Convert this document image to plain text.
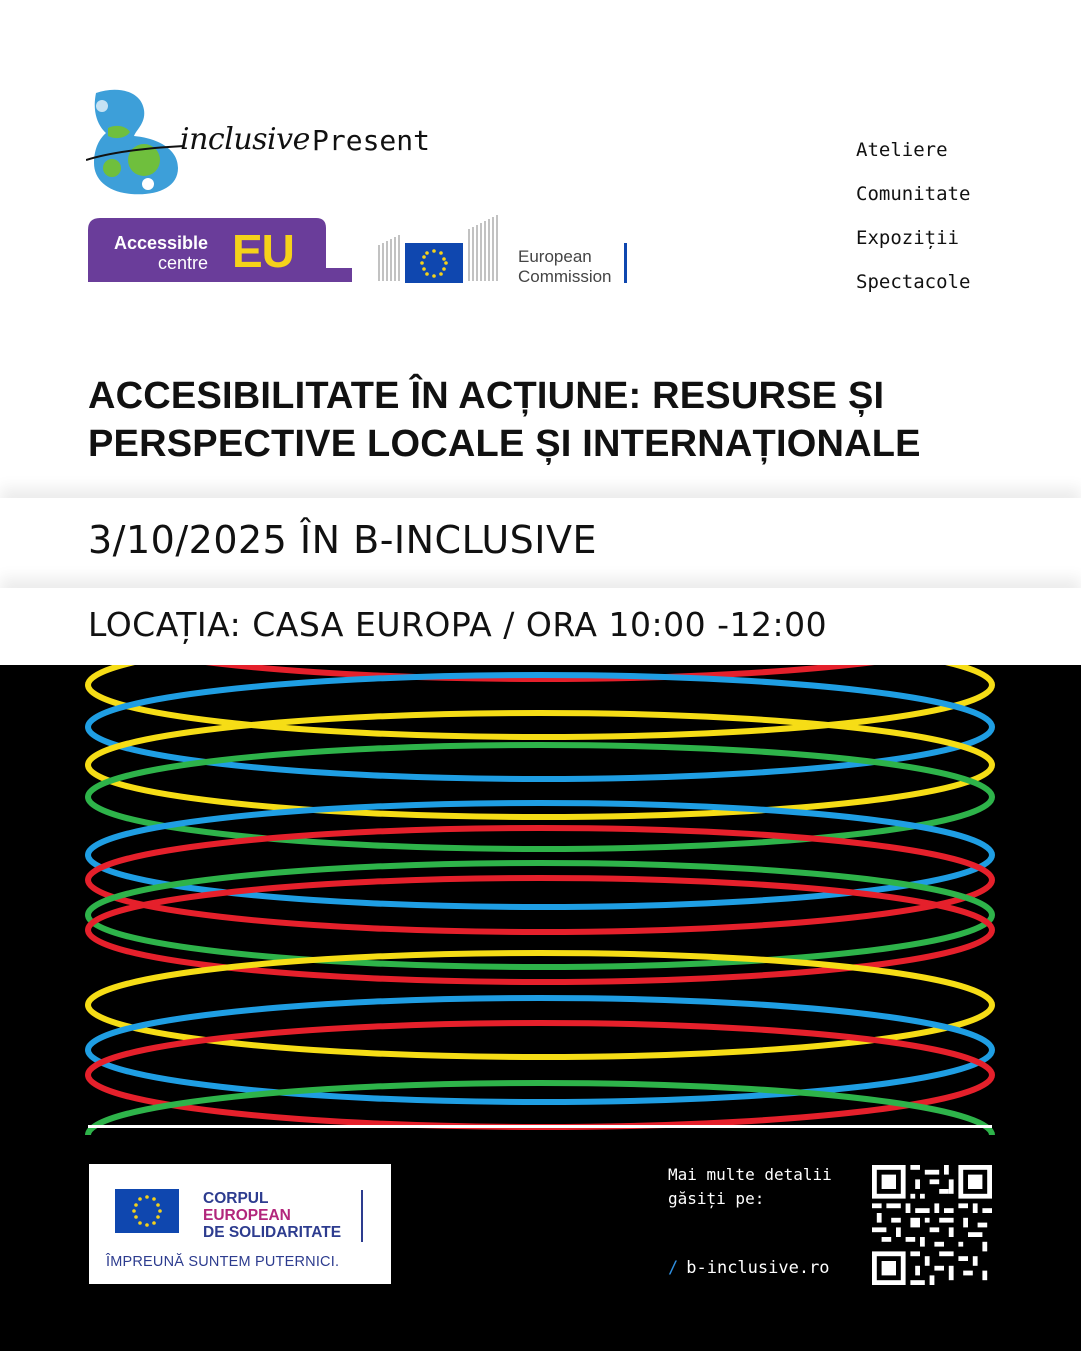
inclusive Present
Accessible
centre EU	European
Commission
Ateliere
Comunitate
Expoziții
Spectacole
ACCESIBILITATE ÎN ACȚIUNE: RESURSE ȘI
PERSPECTIVE LOCALE ȘI INTERNAȚIONALE
3/10/2025 ÎN B-INCLUSIVE
LOCAȚIA: CASA EUROPA / ORA 10:00 -12:00
CORPUL
EUROPEAN
DE SOLIDARITATE
ÎMPREUNĂ SUNTEM PUTERNICI.
Mai multe detalii
găsiți pe:
/ b-inclusive.ro
